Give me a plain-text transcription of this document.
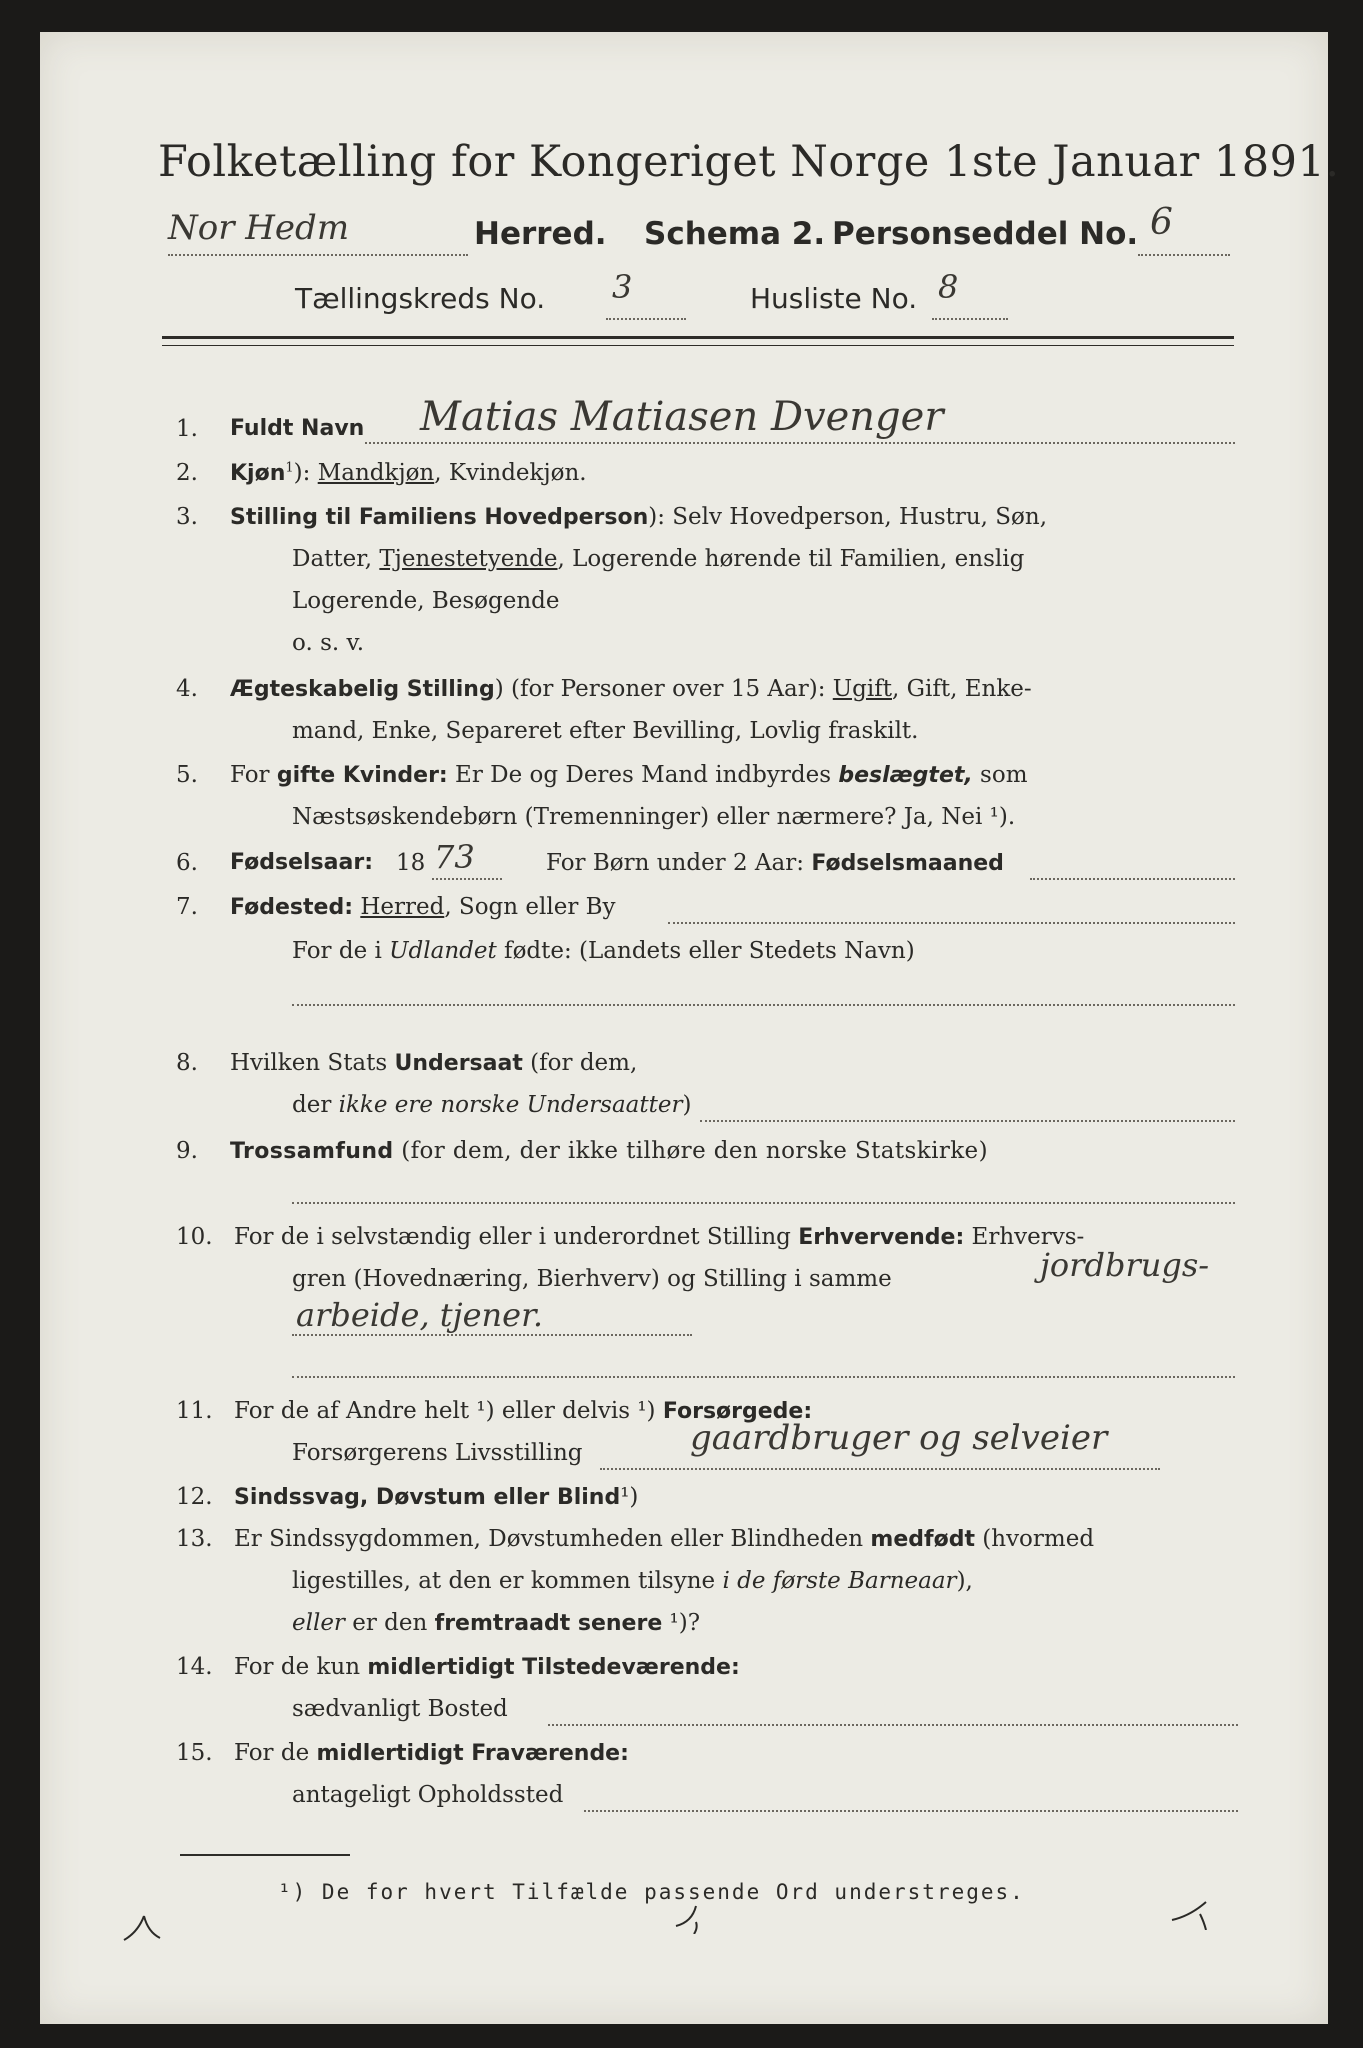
Folketælling for Kongeriget Norge 1ste Januar 1891.
Nor Hedm	Herred. Schema 2. Personseddel No. 6
Tællingskreds No. 3	Husliste No. 8
1. Fuldt Navn Matias Matiasen Dvenger
2. Kjøn$^1$): Mandkjøn, Kvindekjøn.
3. Stilling til Familiens Hovedperson): Selv Hovedperson, Hustru, Søn,
Datter, Tjenestetyende, Logerende hørende til Familien, enslig
Logerende, Besøgende
o. s. v.
4. Ægteskabelig Stilling) (for Personer over 15 Aar): Ugift, Gift, Enke-
mand, Enke, Separeret efter Bevilling, Lovlig fraskilt.
5. For gifte Kvinder: Er De og Deres Mand indbyrdes beslægtet, som
Næstsøskendebørn (Tremenninger) eller nærmere? Ja, Nei ¹).
6. Fødselsaar: 18 73	For Børn under 2 Aar: Fødselsmaaned
7. Fødested: Herred, Sogn eller By
For de i Udlandet fødte: (Landets eller Stedets Navn)
8. Hvilken Stats Undersaat (for dem,
der ikke ere norske Undersaatter)
9. Trossamfund (for dem, der ikke tilhøre den norske Statskirke)
10. For de i selvstændig eller i underordnet Stilling Erhvervende: Erhvervs-
gren (Hovednæring, Bierhverv) og Stilling i samme	jordbrugs-
arbeide, tjener.
11. For de af Andre helt ¹) eller delvis ¹) Forsørgede:
Forsørgerens Livsstilling	gaardbruger og selveier
12. Sindssvag, Døvstum eller Blind¹)
13. Er Sindssygdommen, Døvstumheden eller Blindheden medfødt (hvormed
ligestilles, at den er kommen tilsyne i de første Barneaar),
eller er den fremtraadt senere ¹)?
14. For de kun midlertidigt Tilstedeværende:
sædvanligt Bosted
15. For de midlertidigt Fraværende:
antageligt Opholdssted
¹) De for hvert Tilfælde passende Ord understreges.
